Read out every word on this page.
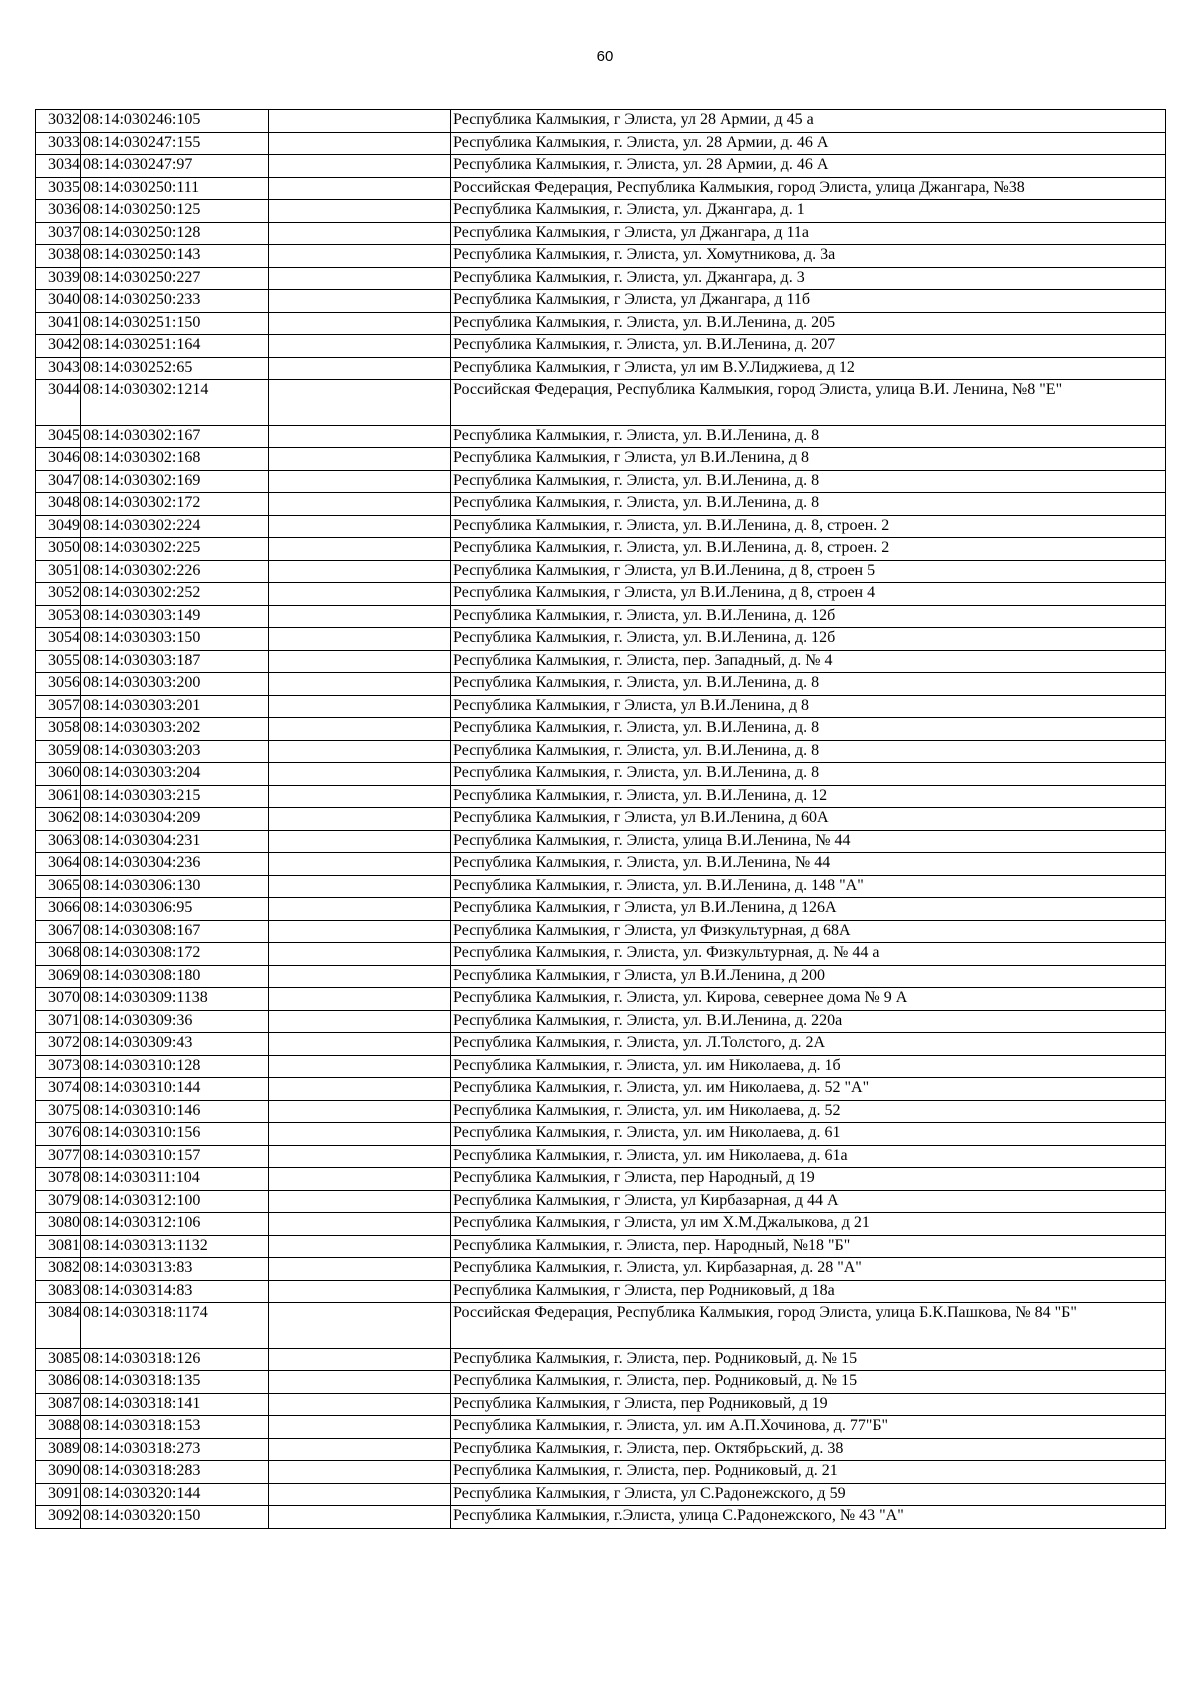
60
3032	08:14:030246:105		Республика Калмыкия, г Элиста, ул 28 Армии, д 45 а
3033	08:14:030247:155		Республика Калмыкия, г. Элиста, ул. 28 Армии, д. 46 А
3034	08:14:030247:97		Республика Калмыкия, г. Элиста, ул. 28 Армии, д. 46 А
3035	08:14:030250:111		Российская Федерация, Республика Калмыкия, город Элиста, улица Джангара, №38
3036	08:14:030250:125		Республика Калмыкия, г. Элиста, ул. Джангара, д. 1
3037	08:14:030250:128		Республика Калмыкия, г Элиста, ул Джангара, д 11а
3038	08:14:030250:143		Республика Калмыкия, г. Элиста, ул. Хомутникова, д. 3а
3039	08:14:030250:227		Республика Калмыкия, г. Элиста, ул. Джангара, д. 3
3040	08:14:030250:233		Республика Калмыкия, г Элиста, ул Джангара, д 11б
3041	08:14:030251:150		Республика Калмыкия, г. Элиста, ул. В.И.Ленина, д. 205
3042	08:14:030251:164		Республика Калмыкия, г. Элиста, ул. В.И.Ленина, д. 207
3043	08:14:030252:65		Республика Калмыкия, г Элиста, ул им В.У.Лиджиева, д 12
3044	08:14:030302:1214		Российская Федерация, Республика Калмыкия, город Элиста, улица В.И. Ленина, №8 "Е"
3045	08:14:030302:167		Республика Калмыкия, г. Элиста, ул. В.И.Ленина, д. 8
3046	08:14:030302:168		Республика Калмыкия, г Элиста, ул В.И.Ленина, д 8
3047	08:14:030302:169		Республика Калмыкия, г. Элиста, ул. В.И.Ленина, д. 8
3048	08:14:030302:172		Республика Калмыкия, г. Элиста, ул. В.И.Ленина, д. 8
3049	08:14:030302:224		Республика Калмыкия, г. Элиста, ул. В.И.Ленина, д. 8, строен. 2
3050	08:14:030302:225		Республика Калмыкия, г. Элиста, ул. В.И.Ленина, д. 8, строен. 2
3051	08:14:030302:226		Республика Калмыкия, г Элиста, ул В.И.Ленина, д 8, строен 5
3052	08:14:030302:252		Республика Калмыкия, г Элиста, ул В.И.Ленина, д 8, строен 4
3053	08:14:030303:149		Республика Калмыкия, г. Элиста, ул. В.И.Ленина, д. 12б
3054	08:14:030303:150		Республика Калмыкия, г. Элиста, ул. В.И.Ленина, д. 12б
3055	08:14:030303:187		Республика Калмыкия, г. Элиста, пер. Западный, д. № 4
3056	08:14:030303:200		Республика Калмыкия, г. Элиста, ул. В.И.Ленина, д. 8
3057	08:14:030303:201		Республика Калмыкия, г Элиста, ул В.И.Ленина, д 8
3058	08:14:030303:202		Республика Калмыкия, г. Элиста, ул. В.И.Ленина, д. 8
3059	08:14:030303:203		Республика Калмыкия, г. Элиста, ул. В.И.Ленина, д. 8
3060	08:14:030303:204		Республика Калмыкия, г. Элиста, ул. В.И.Ленина, д. 8
3061	08:14:030303:215		Республика Калмыкия, г. Элиста, ул. В.И.Ленина, д. 12
3062	08:14:030304:209		Республика Калмыкия, г Элиста, ул В.И.Ленина, д 60А
3063	08:14:030304:231		Республика Калмыкия, г. Элиста, улица В.И.Ленина, № 44
3064	08:14:030304:236		Республика Калмыкия, г. Элиста, ул. В.И.Ленина, № 44
3065	08:14:030306:130		Республика Калмыкия, г. Элиста, ул. В.И.Ленина, д. 148 "А"
3066	08:14:030306:95		Республика Калмыкия, г Элиста, ул В.И.Ленина, д 126А
3067	08:14:030308:167		Республика Калмыкия, г Элиста, ул Физкультурная, д 68А
3068	08:14:030308:172		Республика Калмыкия, г. Элиста, ул. Физкультурная, д. № 44 а
3069	08:14:030308:180		Республика Калмыкия, г Элиста, ул В.И.Ленина, д 200
3070	08:14:030309:1138		Республика Калмыкия, г. Элиста, ул. Кирова, севернее дома № 9 А
3071	08:14:030309:36		Республика Калмыкия, г. Элиста, ул. В.И.Ленина, д. 220а
3072	08:14:030309:43		Республика Калмыкия, г. Элиста, ул. Л.Толстого, д. 2А
3073	08:14:030310:128		Республика Калмыкия, г. Элиста, ул. им Николаева, д. 1б
3074	08:14:030310:144		Республика Калмыкия, г. Элиста, ул. им Николаева, д. 52 "А"
3075	08:14:030310:146		Республика Калмыкия, г. Элиста, ул. им Николаева, д. 52
3076	08:14:030310:156		Республика Калмыкия, г. Элиста, ул. им Николаева, д. 61
3077	08:14:030310:157		Республика Калмыкия, г. Элиста, ул. им Николаева, д. 61а
3078	08:14:030311:104		Республика Калмыкия, г Элиста, пер Народный, д 19
3079	08:14:030312:100		Республика Калмыкия, г Элиста, ул Кирбазарная, д 44 А
3080	08:14:030312:106		Республика Калмыкия, г Элиста, ул им Х.М.Джалыкова, д 21
3081	08:14:030313:1132		Республика Калмыкия, г. Элиста, пер. Народный, №18 "Б"
3082	08:14:030313:83		Республика Калмыкия, г. Элиста, ул. Кирбазарная, д. 28 "А"
3083	08:14:030314:83		Республика Калмыкия, г Элиста, пер Родниковый, д 18а
3084	08:14:030318:1174		Российская Федерация, Республика Калмыкия, город Элиста, улица Б.К.Пашкова, № 84 "Б"
3085	08:14:030318:126		Республика Калмыкия, г. Элиста, пер. Родниковый, д. № 15
3086	08:14:030318:135		Республика Калмыкия, г. Элиста, пер. Родниковый, д. № 15
3087	08:14:030318:141		Республика Калмыкия, г Элиста, пер Родниковый, д 19
3088	08:14:030318:153		Республика Калмыкия, г. Элиста, ул. им А.П.Хочинова, д. 77"Б"
3089	08:14:030318:273		Республика Калмыкия, г. Элиста, пер. Октябрьский, д. 38
3090	08:14:030318:283		Республика Калмыкия, г. Элиста, пер. Родниковый, д. 21
3091	08:14:030320:144		Республика Калмыкия, г Элиста, ул С.Радонежского, д 59
3092	08:14:030320:150		Республика Калмыкия, г.Элиста, улица С.Радонежского, № 43 "А"
